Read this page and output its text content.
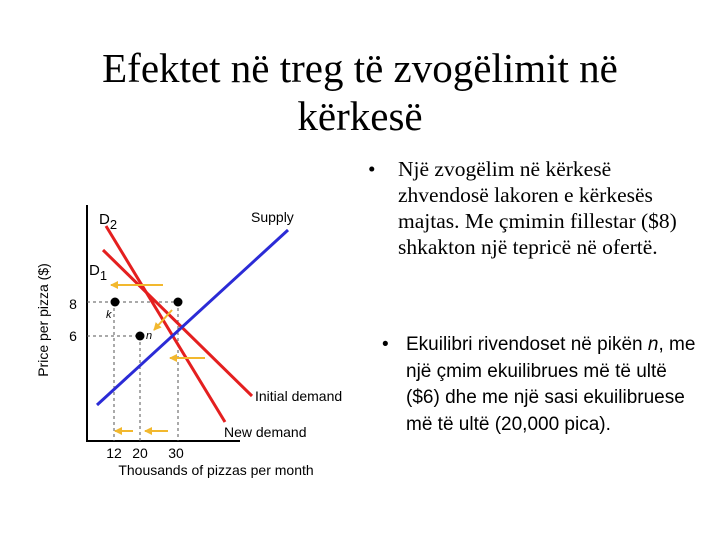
Efektet në treg të zvogëlimit në kërkesë
• Një zvogëlim në kërkesë zhvendosë lakoren e kërkesës majtas. Me çmimin fillestar ($8) shkakton një tepricë në ofertë.
• Ekuilibri rivendoset në pikën n, me një çmim ekuilibrues më të ultë ($6) dhe me një sasi ekuilibruese më të ultë (20,000 pica).
Price per pizza ($) 8
6
12 20 30
Thousands of pizzas per month
k
n
D2
D1
Supply
Initial demand
New demand
